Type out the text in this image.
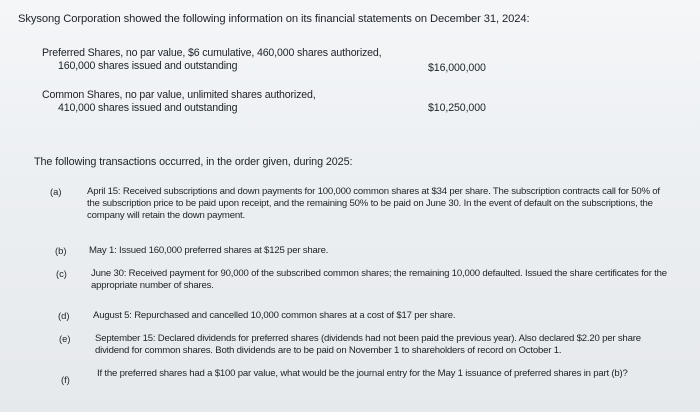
Skysong Corporation showed the following information on its financial statements on December 31, 2024:
Preferred Shares, no par value, $6 cumulative, 460,000 shares authorized,
160,000 shares issued and outstanding	$16,000,000
Common Shares, no par value, unlimited shares authorized,
410,000 shares issued and outstanding	$10,250,000
The following transactions occurred, in the order given, during 2025:
(a)	April 15: Received subscriptions and down payments for 100,000 common shares at $34 per share. The subscription contracts call for 50% of the subscription price to be paid upon receipt, and the remaining 50% to be paid on June 30. In the event of default on the subscriptions, the company will retain the down payment.
(b) May 1: Issued 160,000 preferred shares at $125 per share.
(c)	June 30: Received payment for 90,000 of the subscribed common shares; the remaining 10,000 defaulted. Issued the share certificates for the appropriate number of shares.
(d) August 5: Repurchased and cancelled 10,000 common shares at a cost of $17 per share.
(e)	September 15: Declared dividends for preferred shares (dividends had not been paid the previous year). Also declared $2.20 per share dividend for common shares. Both dividends are to be paid on November 1 to shareholders of record on October 1.
(f)
If the preferred shares had a $100 par value, what would be the journal entry for the May 1 issuance of preferred shares in part (b)?
